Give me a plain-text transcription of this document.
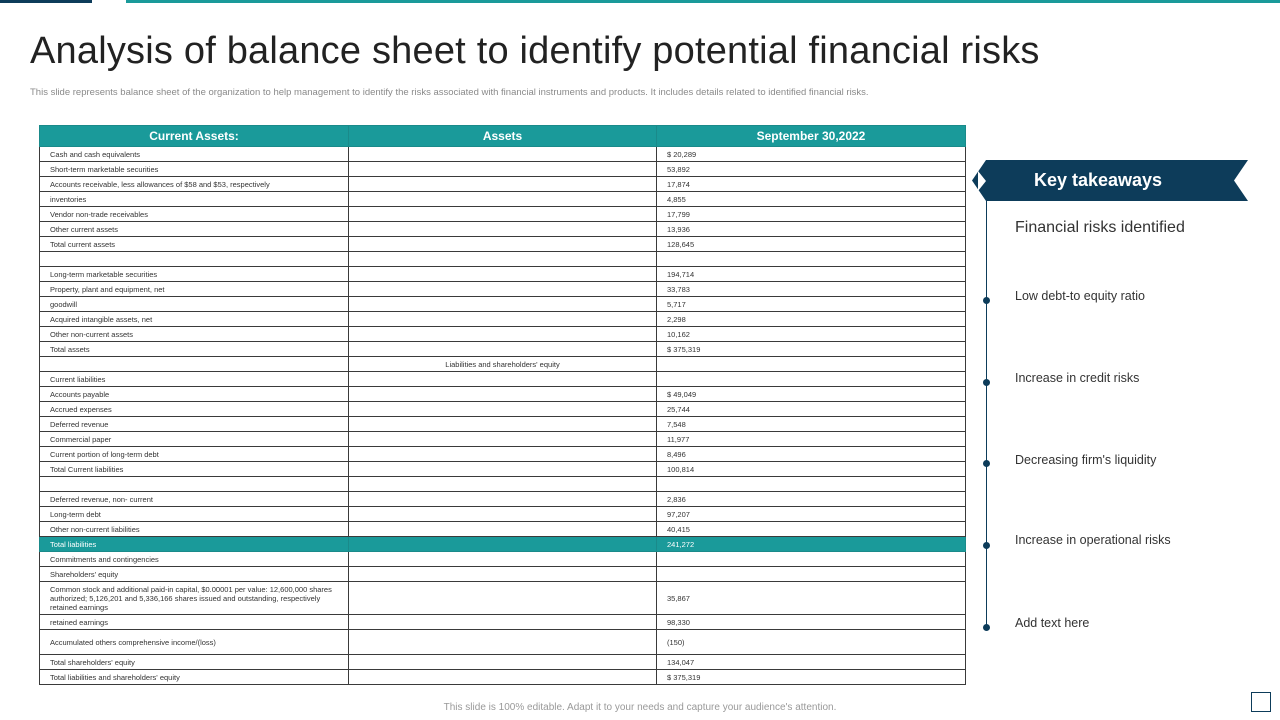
Analysis of balance sheet to identify potential financial risks

This slide represents balance sheet of the organization to help management to identify the risks associated with financial instruments and products. It includes details related to identified financial risks.

Current Assets:	Assets	September 30,2022
Cash and cash equivalents		$ 20,289
Short-term marketable securities		53,892
Accounts receivable, less allowances of $58 and $53, respectively		17,874
inventories		4,855
Vendor non-trade receivables		17,799
Other current assets		13,936
Total current assets		128,645

Long-term marketable securities		194,714
Property, plant and equipment, net		33,783
goodwill		5,717
Acquired intangible assets, net		2,298
Other non-current assets		10,162
Total assets		$ 375,319
	Liabilities and shareholders' equity	
Current liabilities		
Accounts payable		$ 49,049
Accrued expenses		25,744
Deferred revenue		7,548
Commercial paper		11,977
Current portion of long-term debt		8,496
Total Current liabilities		100,814

Deferred revenue, non- current		2,836
Long-term debt		97,207
Other non-current liabilities		40,415
Total liabilities		241,272
Commitments and contingencies		
Shareholders' equity		
Common stock and additional paid-in capital, $0.00001 per value: 12,600,000 shares authorized; 5,126,201 and 5,336,166 shares issued and outstanding, respectively retained earnings		35,867
retained earnings		98,330
Accumulated others comprehensive income/(loss)		(150)
Total shareholders' equity		134,047
Total liabilities and shareholders' equity		$ 375,319
Key takeaways

Financial risks identified

Low debt-to equity ratio

Increase in credit risks

Decreasing firm's liquidity

Increase in operational risks

Add text here

This slide is 100% editable. Adapt it to your needs and capture your audience's attention.
